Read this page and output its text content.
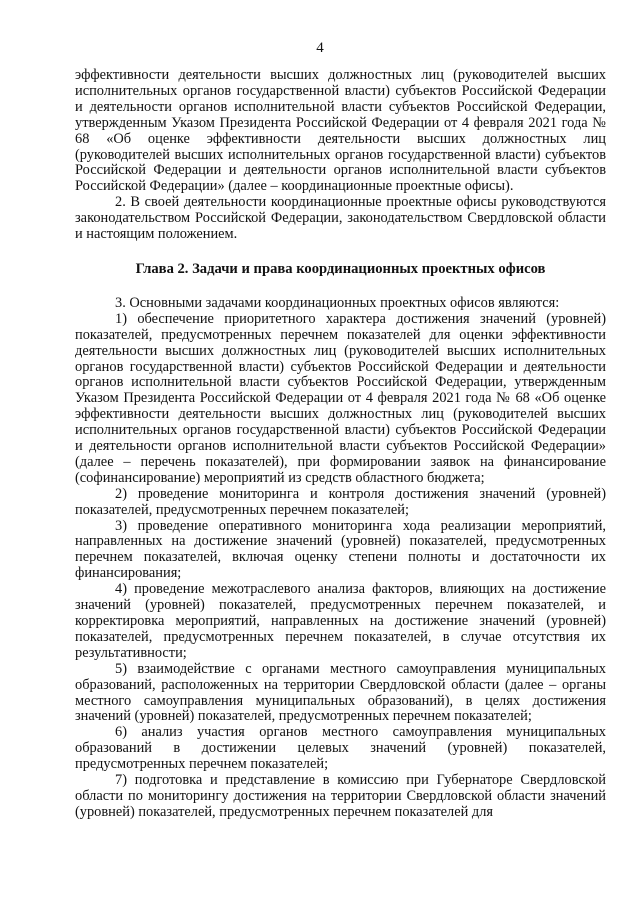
4

эффективности деятельности высших должностных лиц (руководителей высших исполнительных органов государственной власти) субъектов Российской Федерации и деятельности органов исполнительной власти субъектов Российской Федерации, утвержденным Указом Президента Российской Федерации от 4 февраля 2021 года № 68 «Об оценке эффективности деятельности высших должностных лиц (руководителей высших исполнительных органов государственной власти) субъектов Российской Федерации и деятельности органов исполнительной власти субъектов Российской Федерации» (далее – координационные проектные офисы).

2. В своей деятельности координационные проектные офисы руководствуются законодательством Российской Федерации, законодательством Свердловской области и настоящим положением.

Глава 2. Задачи и права координационных проектных офисов

3. Основными задачами координационных проектных офисов являются:

1) обеспечение приоритетного характера достижения значений (уровней) показателей, предусмотренных перечнем показателей для оценки эффективности деятельности высших должностных лиц (руководителей высших исполнительных органов государственной власти) субъектов Российской Федерации и деятельности органов исполнительной власти субъектов Российской Федерации, утвержденным Указом Президента Российской Федерации от 4 февраля 2021 года № 68 «Об оценке эффективности деятельности высших должностных лиц (руководителей высших исполнительных органов государственной власти) субъектов Российской Федерации и деятельности органов исполнительной власти субъектов Российской Федерации» (далее – перечень показателей), при формировании заявок на финансирование (софинансирование) мероприятий из средств областного бюджета;

2) проведение мониторинга и контроля достижения значений (уровней) показателей, предусмотренных перечнем показателей;

3) проведение оперативного мониторинга хода реализации мероприятий, направленных на достижение значений (уровней) показателей, предусмотренных перечнем показателей, включая оценку степени полноты и достаточности их финансирования;

4) проведение межотраслевого анализа факторов, влияющих на достижение значений (уровней) показателей, предусмотренных перечнем показателей, и корректировка мероприятий, направленных на достижение значений (уровней) показателей, предусмотренных перечнем показателей, в случае отсутствия их результативности;

5) взаимодействие с органами местного самоуправления муниципальных образований, расположенных на территории Свердловской области (далее – органы местного самоуправления муниципальных образований), в целях достижения значений (уровней) показателей, предусмотренных перечнем показателей;

6) анализ участия органов местного самоуправления муниципальных образований в достижении целевых значений (уровней) показателей, предусмотренных перечнем показателей;

7) подготовка и представление в комиссию при Губернаторе Свердловской области по мониторингу достижения на территории Свердловской области значений (уровней) показателей, предусмотренных перечнем показателей для
